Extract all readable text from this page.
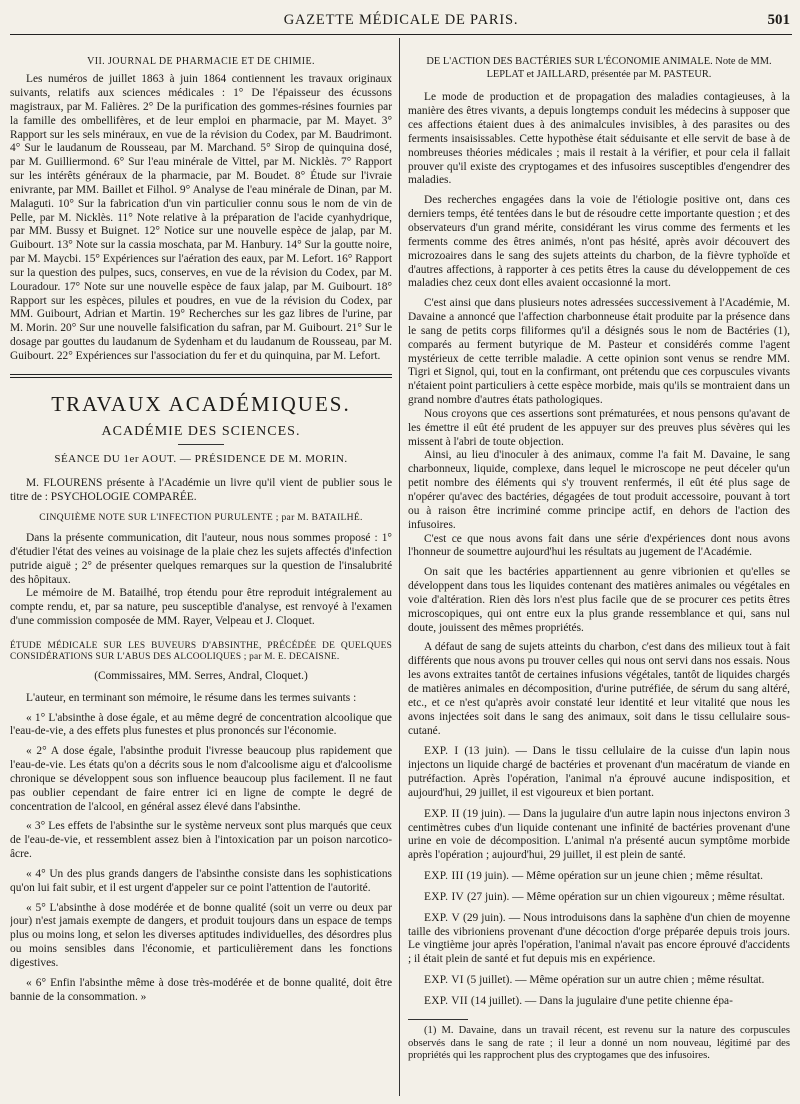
GAZETTE MÉDICALE DE PARIS.	501

VII. JOURNAL DE PHARMACIE ET DE CHIMIE.

Les numéros de juillet 1863 à juin 1864 contiennent les travaux originaux suivants, relatifs aux sciences médicales : 1° De l'épaisseur des écussons magistraux, par M. Falières. 2° De la purification des gommes-résines fournies par la famille des ombellifères, et de leur emploi en pharmacie, par M. Mayet. 3° Rapport sur les sels minéraux, en vue de la révision du Codex, par M. Baudrimont. 4° Sur le laudanum de Rousseau, par M. Marchand. 5° Sirop de quinquina dosé, par M. Guilliermond. 6° Sur l'eau minérale de Vittel, par M. Nicklès. 7° Rapport sur les intérêts généraux de la pharmacie, par M. Boudet. 8° Étude sur l'ivraie enivrante, par MM. Baillet et Filhol. 9° Analyse de l'eau minérale de Dinan, par M. Malaguti. 10° Sur la fabrication d'un vin particulier connu sous le nom de vin de Pelle, par M. Nicklès. 11° Note relative à la préparation de l'acide cyanhydrique, par MM. Bussy et Buignet. 12° Notice sur une nouvelle espèce de jalap, par M. Guibourt. 13° Note sur la cassia moschata, par M. Hanbury. 14° Sur la goutte noire, par M. Maycbi. 15° Expériences sur l'aération des eaux, par M. Lefort. 16° Rapport sur la question des pulpes, sucs, conserves, en vue de la révision du Codex, par M. Louradour. 17° Note sur une nouvelle espèce de faux jalap, par M. Guibourt. 18° Rapport sur les espèces, pilules et poudres, en vue de la révision du Codex, par MM. Guibourt, Adrian et Martin. 19° Recherches sur les gaz libres de l'urine, par M. Morin. 20° Sur une nouvelle falsification du safran, par M. Guibourt. 21° Sur le dosage par gouttes du laudanum de Sydenham et du laudanum de Rousseau, par M. Guibourt. 22° Expériences sur l'association du fer et du quinquina, par M. Lefort.

TRAVAUX ACADÉMIQUES.

ACADÉMIE DES SCIENCES.

SÉANCE DU 1er AOUT. — PRÉSIDENCE DE M. MORIN.

M. FLOURENS présente à l'Académie un livre qu'il vient de publier sous le titre de : PSYCHOLOGIE COMPARÉE.

CINQUIÈME NOTE SUR L'INFECTION PURULENTE ; par M. BATAILHÉ.

Dans la présente communication, dit l'auteur, nous nous sommes proposé : 1° d'étudier l'état des veines au voisinage de la plaie chez les sujets affectés d'infection putride aiguë ; 2° de présenter quelques remarques sur la question de l'insalubrité des hôpitaux.

Le mémoire de M. Batailhé, trop étendu pour être reproduit intégralement au compte rendu, et, par sa nature, peu susceptible d'analyse, est renvoyé à l'examen d'une commission composée de MM. Rayer, Velpeau et J. Cloquet.

ÉTUDE MÉDICALE SUR LES BUVEURS D'ABSINTHE, PRÉCÉDÉE DE QUELQUES CONSIDÉRATIONS SUR L'ABUS DES ALCOOLIQUES ; par M. E. DECAISNE.

(Commissaires, MM. Serres, Andral, Cloquet.)

L'auteur, en terminant son mémoire, le résume dans les termes suivants :

« 1° L'absinthe à dose égale, et au même degré de concentration alcoolique que l'eau-de-vie, a des effets plus funestes et plus prononcés sur l'économie.

« 2° A dose égale, l'absinthe produit l'ivresse beaucoup plus rapidement que l'eau-de-vie. Les états qu'on a décrits sous le nom d'alcoolisme aigu et d'alcoolisme chronique se développent sous son influence beaucoup plus facilement. Il ne faut pas oublier cependant de faire entrer ici en ligne de compte le degré de concentration de l'alcool, en général assez élevé dans l'absinthe.

« 3° Les effets de l'absinthe sur le système nerveux sont plus marqués que ceux de l'eau-de-vie, et ressemblent assez bien à l'intoxication par un poison narcotico-âcre.

« 4° Un des plus grands dangers de l'absinthe consiste dans les sophistications qu'on lui fait subir, et il est urgent d'appeler sur ce point l'attention de l'autorité.

« 5° L'absinthe à dose modérée et de bonne qualité (soit un verre ou deux par jour) n'est jamais exempte de dangers, et produit toujours dans un espace de temps plus ou moins long, et selon les diverses aptitudes individuelles, des désordres plus ou moins sensibles dans l'économie, et particulièrement dans les fonctions digestives.

« 6° Enfin l'absinthe même à dose très-modérée et de bonne qualité, doit être bannie de la consommation. »

DE L'ACTION DES BACTÉRIES SUR L'ÉCONOMIE ANIMALE. Note de MM. LEPLAT et JAILLARD, présentée par M. PASTEUR.

Le mode de production et de propagation des maladies contagieuses, à la manière des êtres vivants, a depuis longtemps conduit les médecins à supposer que ces affections étaient dues à des animalcules invisibles, à des parasites ou des ferments insaisissables. Cette hypothèse était séduisante et elle servit de base à de nombreuses théories médicales ; mais il restait à la vérifier, et pour cela il fallait prouver qu'il existe des cryptogames et des infusoires susceptibles d'engendrer des maladies.

Des recherches engagées dans la voie de l'étiologie positive ont, dans ces derniers temps, été tentées dans le but de résoudre cette importante question ; et des observateurs d'un grand mérite, considérant les virus comme des ferments et les ferments comme des êtres animés, n'ont pas hésité, après avoir découvert des microzoaires dans le sang des sujets atteints du charbon, de la fièvre typhoïde et d'autres affections, à rapporter à ces petits êtres la cause du développement de ces maladies chez ceux dont elles avaient occasionné la mort.

C'est ainsi que dans plusieurs notes adressées successivement à l'Académie, M. Davaine a annoncé que l'affection charbonneuse était produite par la présence dans le sang de petits corps filiformes qu'il a désignés sous le nom de Bactéries (1), comparés au ferment butyrique de M. Pasteur et considérés comme l'agent mystérieux de cette terrible maladie. A cette opinion sont venus se rendre MM. Tigri et Signol, qui, tout en la confirmant, ont prétendu que ces corpuscules vivants n'étaient point particuliers à cette espèce morbide, mais qu'ils se montraient dans un grand nombre d'autres états pathologiques.

Nous croyons que ces assertions sont prématurées, et nous pensons qu'avant de les émettre il eût été prudent de les appuyer sur des preuves plus sévères qui les missent à l'abri de toute objection.

Ainsi, au lieu d'inoculer à des animaux, comme l'a fait M. Davaine, le sang charbonneux, liquide, complexe, dans lequel le microscope ne peut déceler qu'un petit nombre des éléments qui s'y trouvent renfermés, il eût été plus sage de n'opérer qu'avec des bactéries, dégagées de tout produit accessoire, pouvant à tort ou à raison être incriminé comme principe actif, en dehors de l'action des infusoires.

C'est ce que nous avons fait dans une série d'expériences dont nous avons l'honneur de soumettre aujourd'hui les résultats au jugement de l'Académie.

On sait que les bactéries appartiennent au genre vibrionien et qu'elles se développent dans tous les liquides contenant des matières animales ou végétales en voie d'altération. Rien dès lors n'est plus facile que de se procurer ces petits êtres microscopiques, qui ont entre eux la plus grande ressemblance et qui, sans nul doute, jouissent des mêmes propriétés.

A défaut de sang de sujets atteints du charbon, c'est dans des milieux tout à fait différents que nous avons pu trouver celles qui nous ont servi dans nos essais. Nous les avons extraites tantôt de certaines infusions végétales, tantôt de liquides chargés de matières animales en décomposition, d'urine putréfiée, de sérum du sang altéré, etc., et ce n'est qu'après avoir constaté leur identité et leur vitalité que nous les avons injectées soit dans le sang des animaux, soit dans le tissu cellulaire sous-cutané.

EXP. I (13 juin). — Dans le tissu cellulaire de la cuisse d'un lapin nous injectons un liquide chargé de bactéries et provenant d'un macératum de viande en putréfaction. Après l'opération, l'animal n'a éprouvé aucune indisposition, et aujourd'hui, 29 juillet, il est vigoureux et bien portant.

EXP. II (19 juin). — Dans la jugulaire d'un autre lapin nous injectons environ 3 centimètres cubes d'un liquide contenant une infinité de bactéries provenant d'une urine en voie de décomposition. L'animal n'a présenté aucun symptôme morbide après l'opération ; aujourd'hui, 29 juillet, il est plein de santé.

EXP. III (19 juin). — Même opération sur un jeune chien ; même résultat.

EXP. IV (27 juin). — Même opération sur un chien vigoureux ; même résultat.

EXP. V (29 juin). — Nous introduisons dans la saphène d'un chien de moyenne taille des vibrioniens provenant d'une décoction d'orge préparée depuis trois jours. Le vingtième jour après l'opération, l'animal n'avait pas encore éprouvé d'accidents ; il était plein de santé et fut depuis mis en expérience.

EXP. VI (5 juillet). — Même opération sur un autre chien ; même résultat.

EXP. VII (14 juillet). — Dans la jugulaire d'une petite chienne épa-

(1) M. Davaine, dans un travail récent, est revenu sur la nature des corpuscules observés dans le sang de rate ; il leur a donné un nom nouveau, légitimé par des propriétés qui les rapprochent plus des cryptogames que des infusoires.
